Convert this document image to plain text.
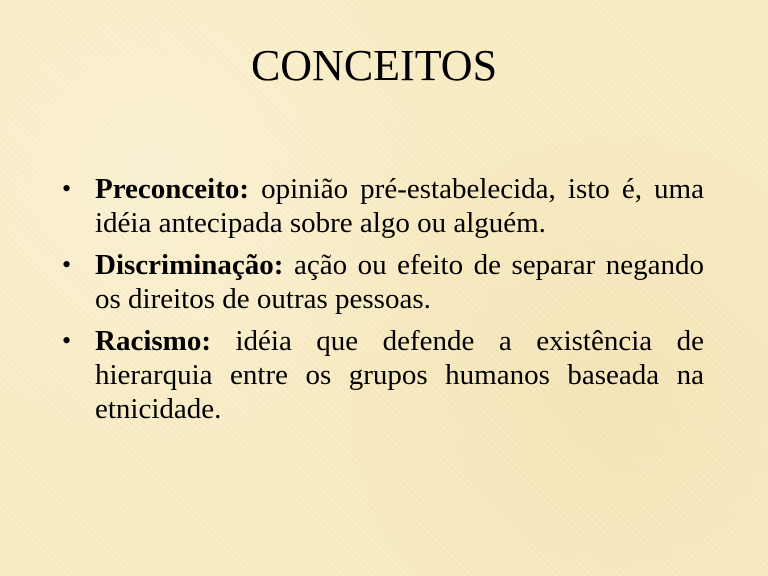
CONCEITOS
• Preconceito: opinião pré-estabelecida, isto é, uma idéia antecipada sobre algo ou alguém.
• Discriminação: ação ou efeito de separar negando os direitos de outras pessoas.
• Racismo: idéia que defende a existência de hierarquia entre os grupos humanos baseada na etnicidade.
